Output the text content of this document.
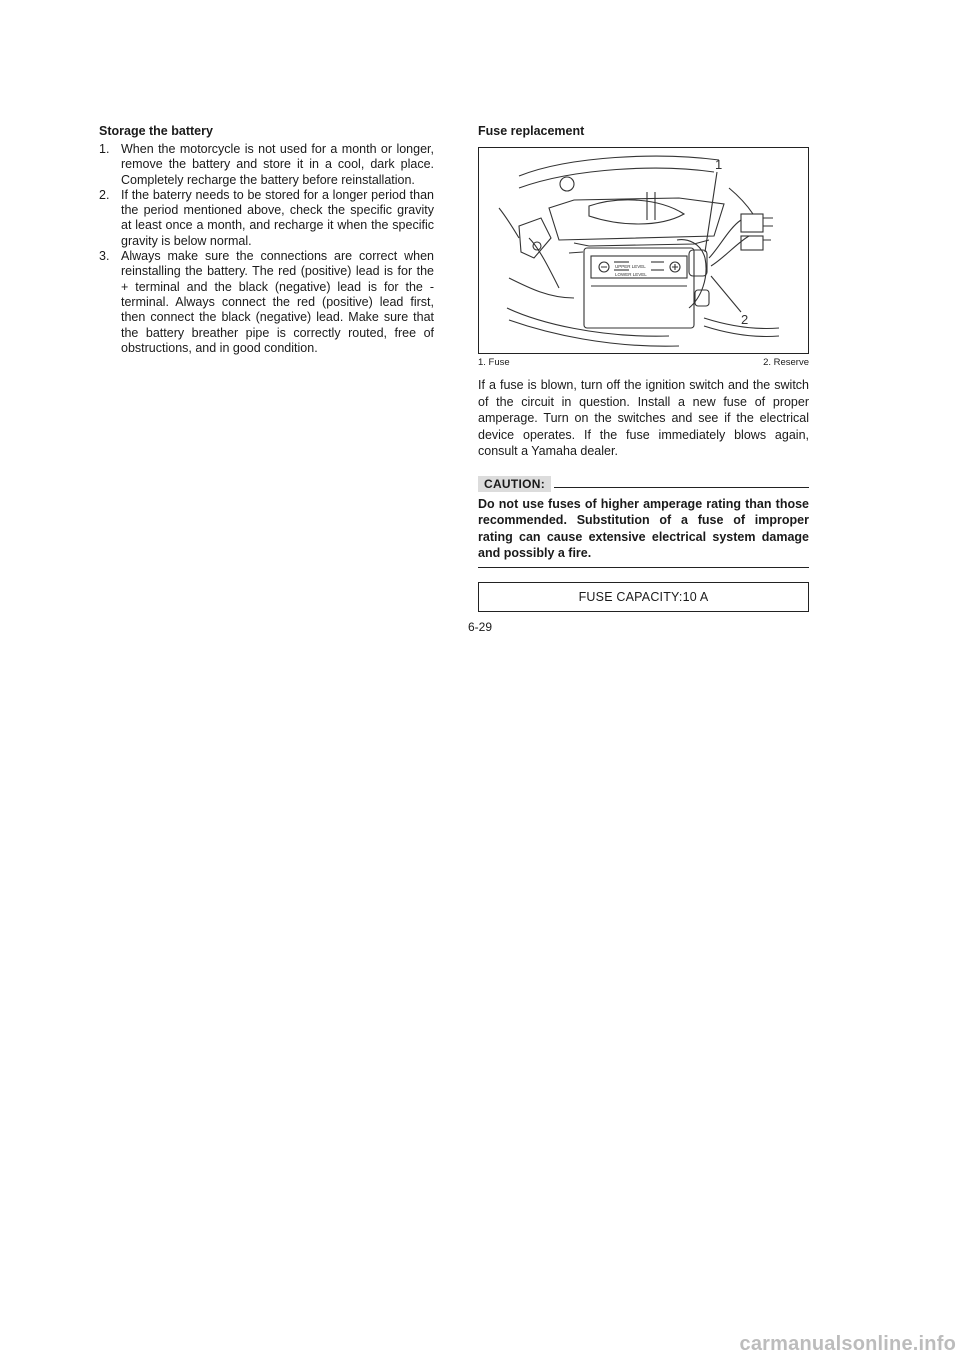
Storage the battery
1. When the motorcycle is not used for a month or longer, remove the battery and store it in a cool, dark place. Completely recharge the battery before reinstallation.
2. If the baterry needs to be stored for a longer period than the period mentioned above, check the specific gravity at least once a month, and recharge it when the specific gravity is below normal.
3. Always make sure the connections are correct when reinstalling the battery. The red (positive) lead is for the + terminal and the black (negative) lead is for the - terminal. Always connect the red (positive) lead first, then connect the black (negative) lead. Make sure that the battery breather pipe is correctly routed, free of obstructions, and in good condition.
Fuse replacement
UPPER LEVEL
LOWER LEVEL
1
2
1. Fuse	2. Reserve

If a fuse is blown, turn off the ignition switch and the switch of the circuit in question. Install a new fuse of proper amperage. Turn on the switches and see if the electrical device operates. If the fuse immediately blows again, consult a Yamaha dealer.

CAUTION:

Do not use fuses of higher amperage rating than those recommended. Substitution of a fuse of improper rating can cause extensive electrical system damage and possibly a fire.

FUSE CAPACITY:10 A
6-29
carmanualsonline.info
